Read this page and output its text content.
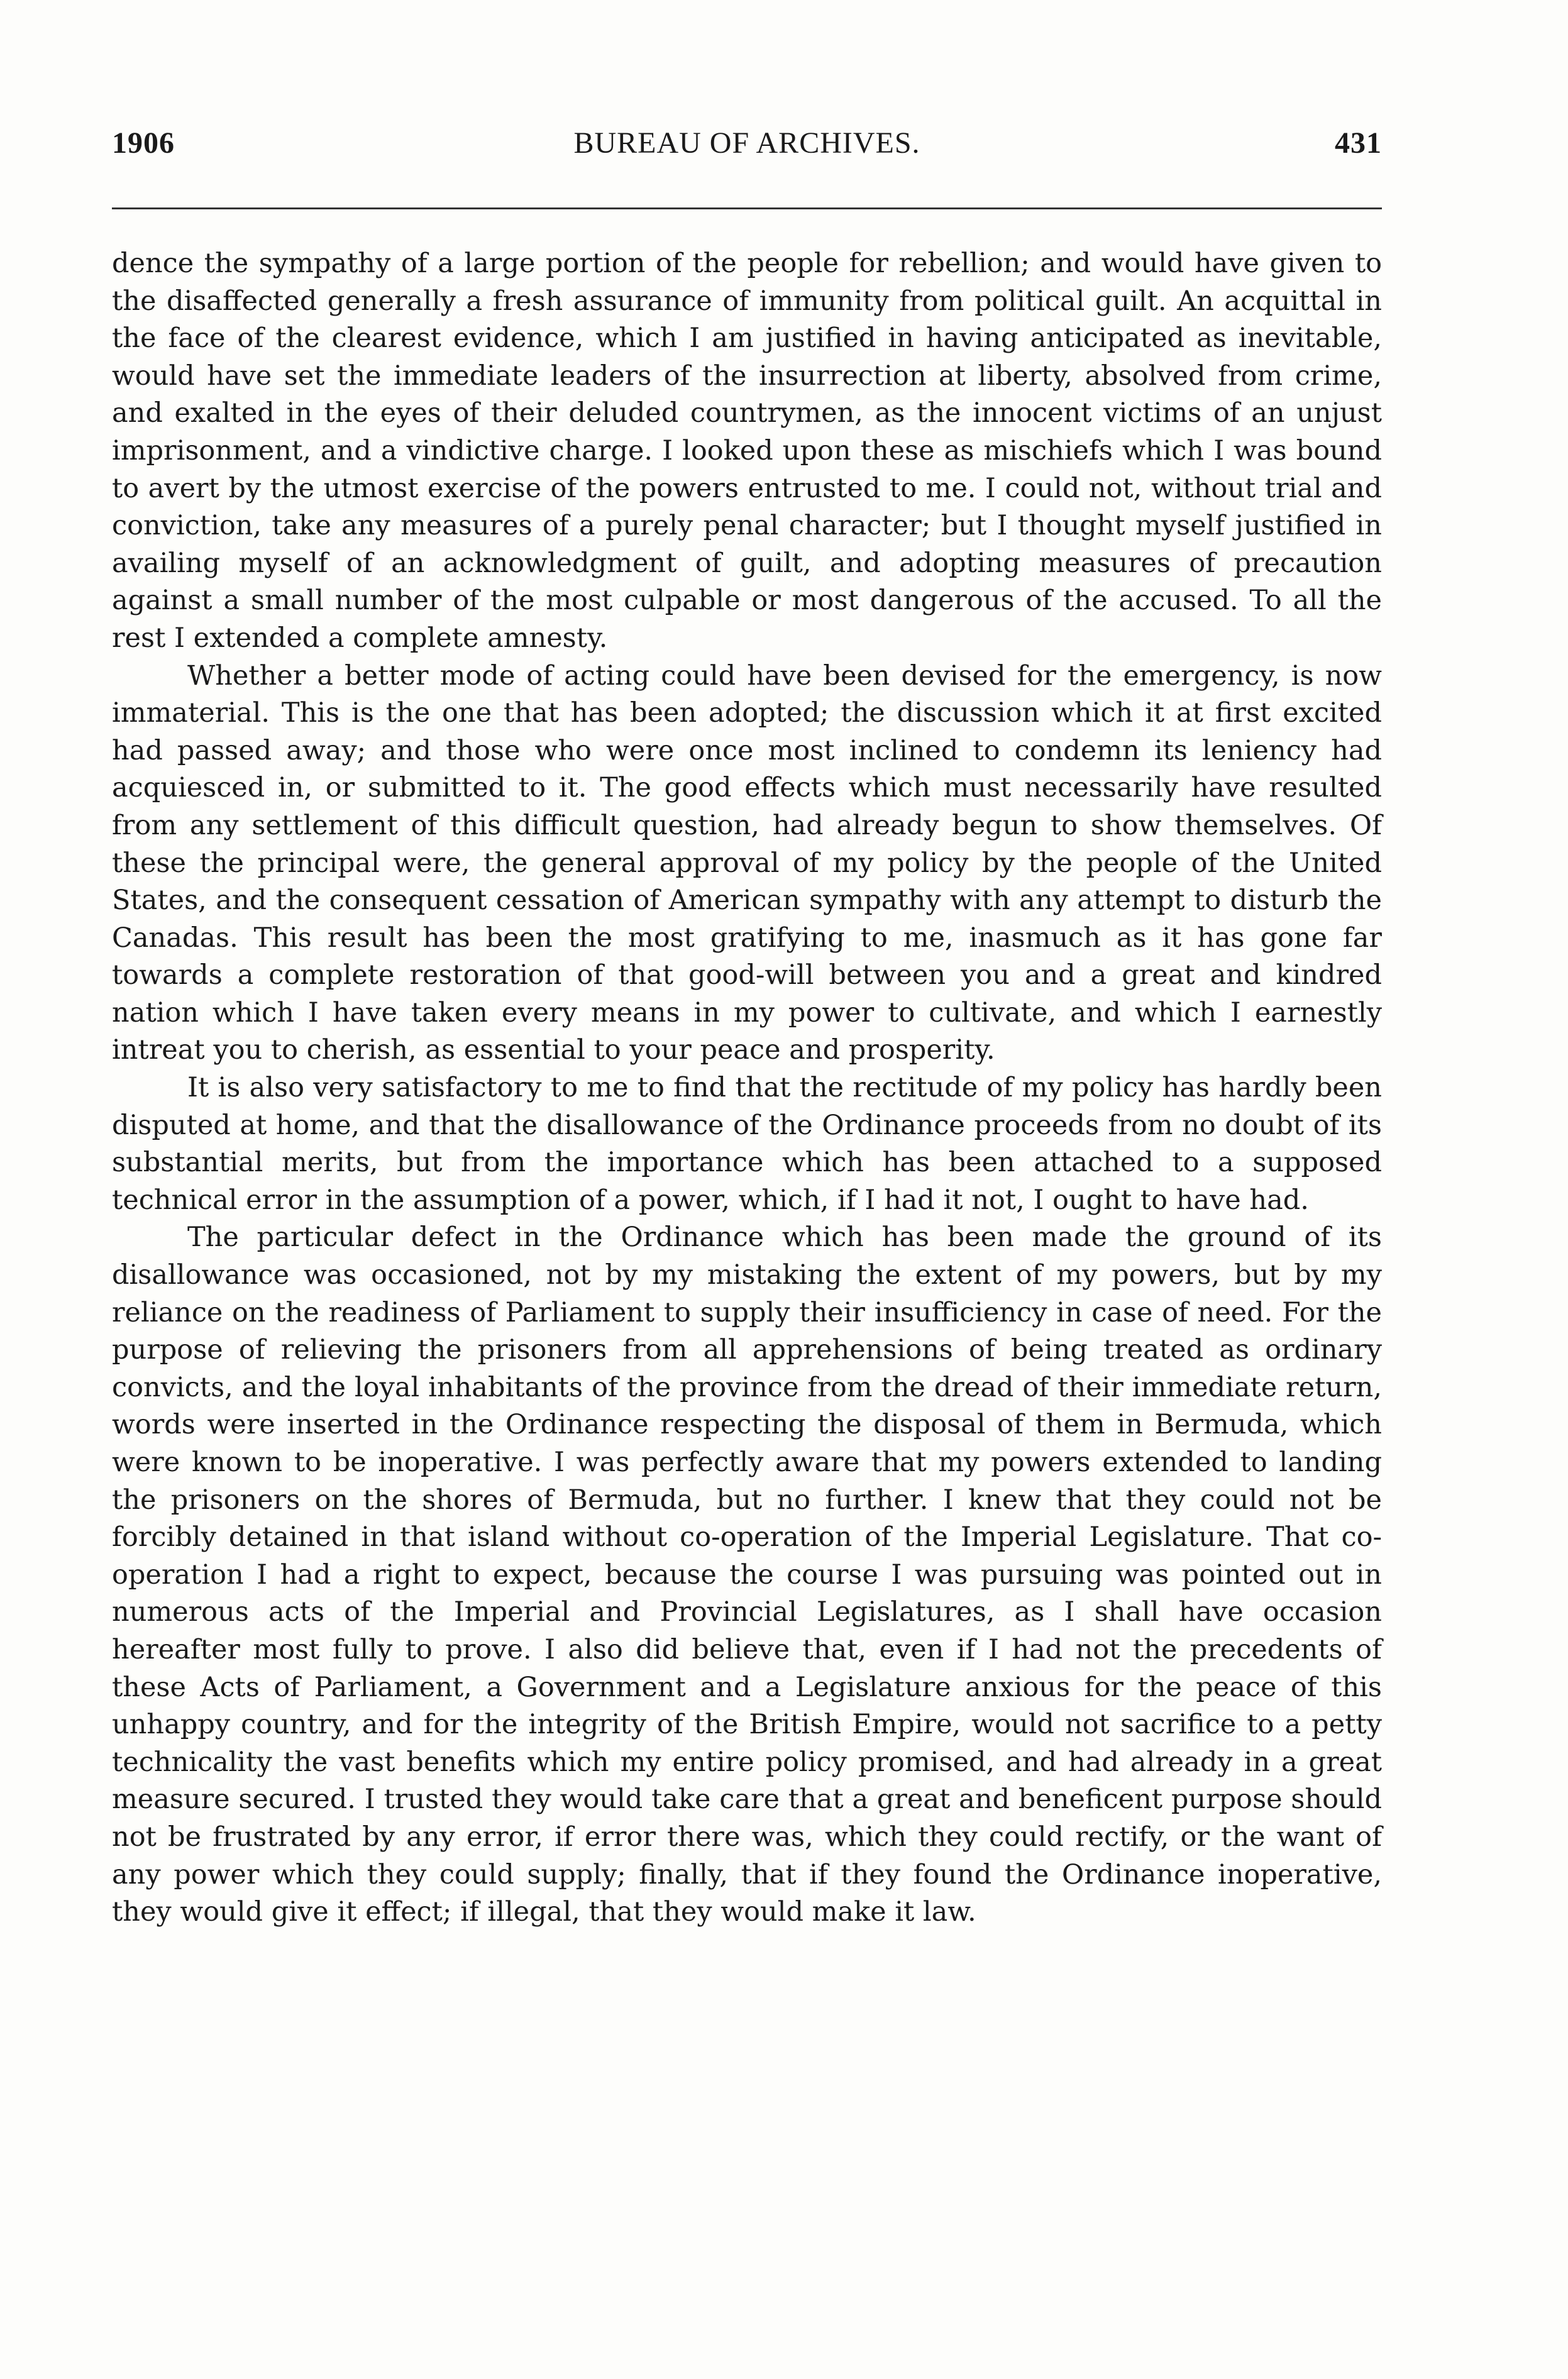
1906	BUREAU OF ARCHIVES.	431

dence the sympathy of a large portion of the people for rebellion; and would have given to the disaffected generally a fresh assurance of immunity from political guilt. An acquittal in the face of the clearest evidence, which I am justified in having anticipated as inevitable, would have set the immediate leaders of the insurrection at liberty, absolved from crime, and exalted in the eyes of their deluded countrymen, as the innocent victims of an unjust imprisonment, and a vindictive charge. I looked upon these as mischiefs which I was bound to avert by the utmost exercise of the powers entrusted to me. I could not, without trial and conviction, take any measures of a purely penal character; but I thought myself justified in availing myself of an acknowledgment of guilt, and adopting measures of precaution against a small number of the most culpable or most dangerous of the accused. To all the rest I extended a complete amnesty.

Whether a better mode of acting could have been devised for the emergency, is now immaterial. This is the one that has been adopted; the discussion which it at first excited had passed away; and those who were once most inclined to condemn its leniency had acquiesced in, or submitted to it. The good effects which must necessarily have resulted from any settlement of this difficult question, had already begun to show themselves. Of these the principal were, the general approval of my policy by the people of the United States, and the consequent cessation of American sympathy with any attempt to disturb the Canadas. This result has been the most gratifying to me, inasmuch as it has gone far towards a complete restoration of that good-will between you and a great and kindred nation which I have taken every means in my power to cultivate, and which I earnestly intreat you to cherish, as essential to your peace and prosperity.

It is also very satisfactory to me to find that the rectitude of my policy has hardly been disputed at home, and that the disallowance of the Ordinance proceeds from no doubt of its substantial merits, but from the importance which has been attached to a supposed technical error in the assumption of a power, which, if I had it not, I ought to have had.

The particular defect in the Ordinance which has been made the ground of its disallowance was occasioned, not by my mistaking the extent of my powers, but by my reliance on the readiness of Parliament to supply their insufficiency in case of need. For the purpose of relieving the prisoners from all apprehensions of being treated as ordinary convicts, and the loyal inhabitants of the province from the dread of their immediate return, words were inserted in the Ordinance respecting the disposal of them in Bermuda, which were known to be inoperative. I was perfectly aware that my powers extended to landing the prisoners on the shores of Bermuda, but no further. I knew that they could not be forcibly detained in that island without co-operation of the Imperial Legislature. That co-operation I had a right to expect, because the course I was pursuing was pointed out in numerous acts of the Imperial and Provincial Legislatures, as I shall have occasion hereafter most fully to prove. I also did believe that, even if I had not the precedents of these Acts of Parliament, a Government and a Legislature anxious for the peace of this unhappy country, and for the integrity of the British Empire, would not sacrifice to a petty technicality the vast benefits which my entire policy promised, and had already in a great measure secured. I trusted they would take care that a great and beneficent purpose should not be frustrated by any error, if error there was, which they could rectify, or the want of any power which they could supply; finally, that if they found the Ordinance inoperative, they would give it effect; if illegal, that they would make it law.
